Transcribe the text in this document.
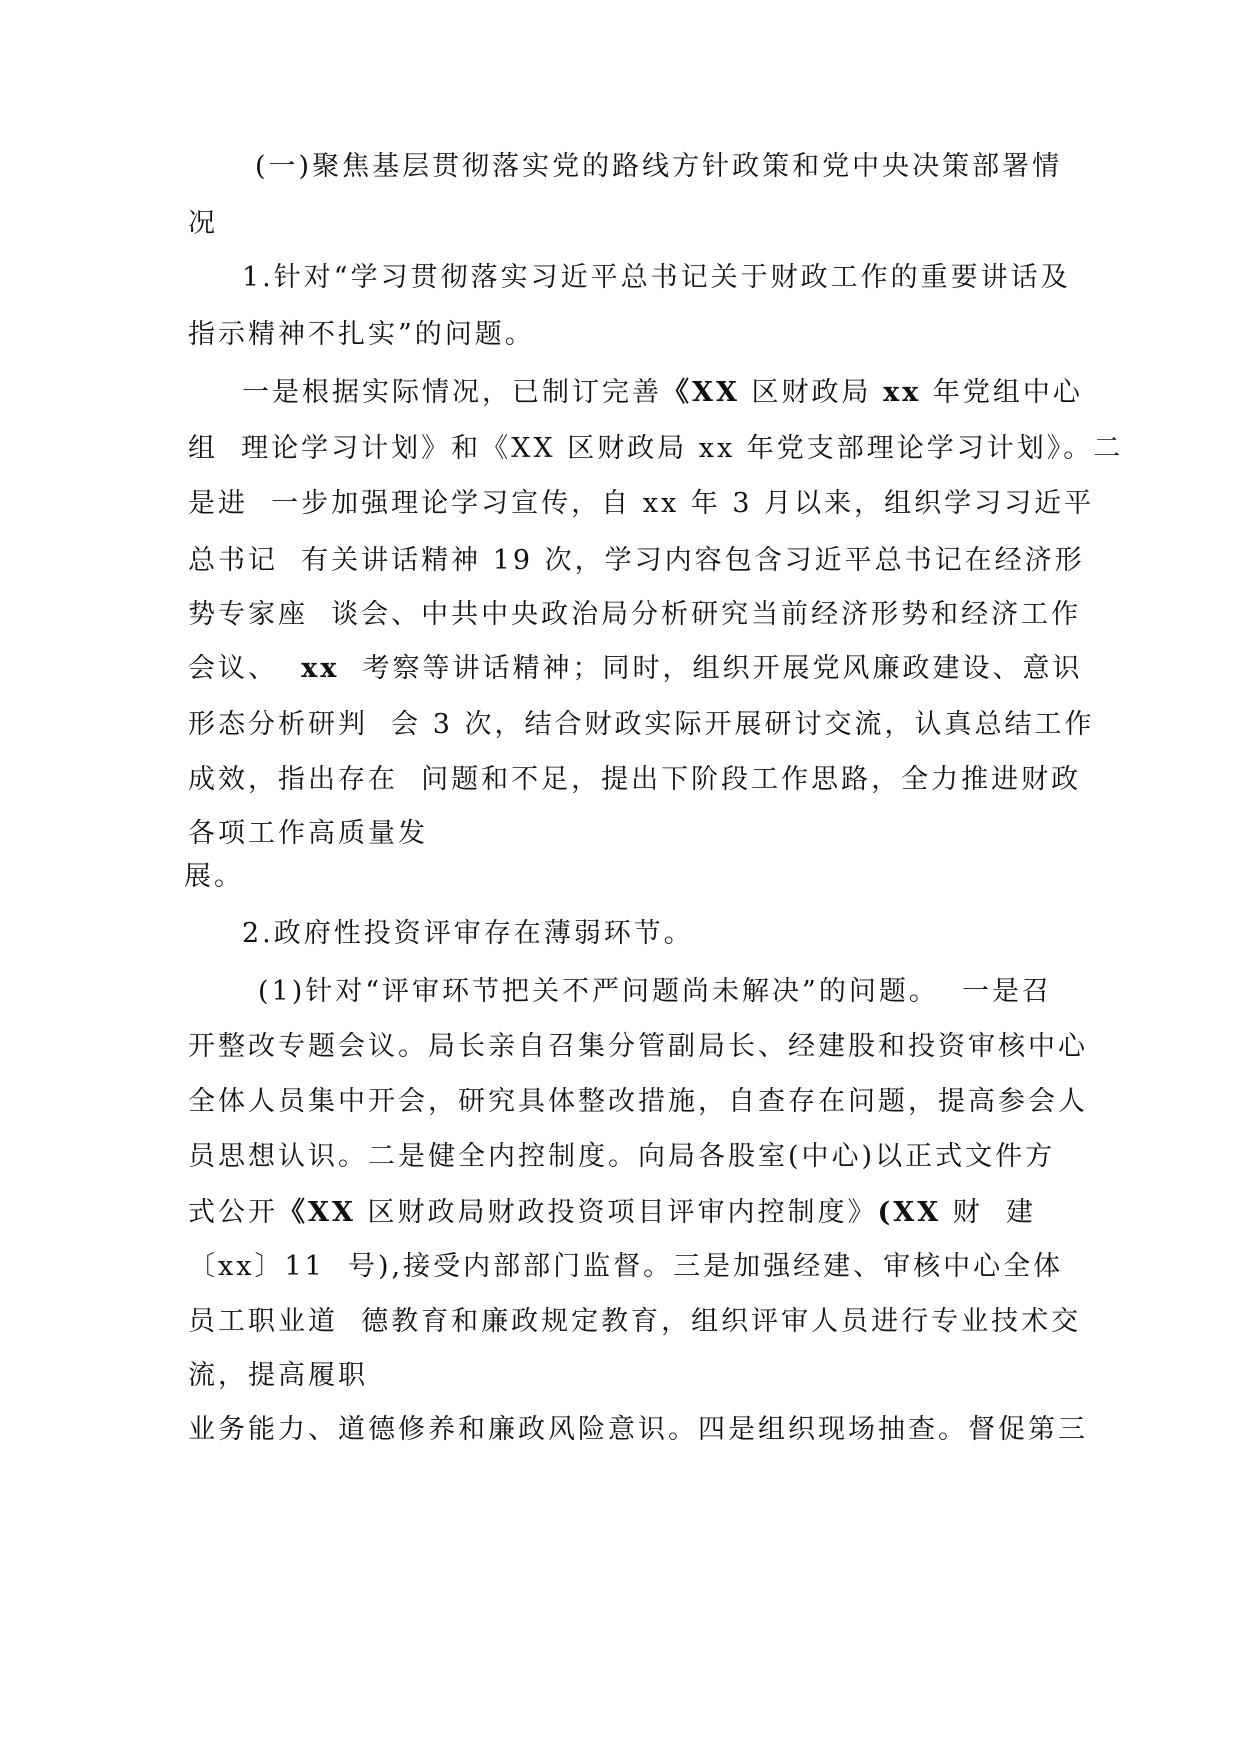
(一)聚焦基层贯彻落实党的路线方针政策和党中央决策部署情
况
1.针对“学习贯彻落实习近平总书记关于财政工作的重要讲话及
指示精神不扎实”的问题。
一是根据实际情况，已制订完善《XX 区财政局 xx 年党组中心
组  理论学习计划》和《XX 区财政局 xx 年党支部理论学习计划》。二
是进  一步加强理论学习宣传，自 xx 年 3 月以来，组织学习习近平
总书记  有关讲话精神 19 次，学习内容包含习近平总书记在经济形
势专家座  谈会、中共中央政治局分析研究当前经济形势和经济工作
会议、  xx  考察等讲话精神；同时，组织开展党风廉政建设、意识
形态分析研判  会 3 次，结合财政实际开展研讨交流，认真总结工作
成效，指出存在  问题和不足，提出下阶段工作思路，全力推进财政
各项工作高质量发
展。
2.政府性投资评审存在薄弱环节。
(1)针对“评审环节把关不严问题尚未解决”的问题。  一是召
开整改专题会议。局长亲自召集分管副局长、经建股和投资审核中心
全体人员集中开会，研究具体整改措施，自查存在问题，提高参会人
员思想认识。二是健全内控制度。向局各股室(中心)以正式文件方
式公开《XX 区财政局财政投资项目评审内控制度》(XX 财  建
〔xx〕11  号),接受内部部门监督。三是加强经建、审核中心全体
员工职业道  德教育和廉政规定教育，组织评审人员进行专业技术交
流，提高履职
业务能力、道德修养和廉政风险意识。四是组织现场抽查。督促第三
